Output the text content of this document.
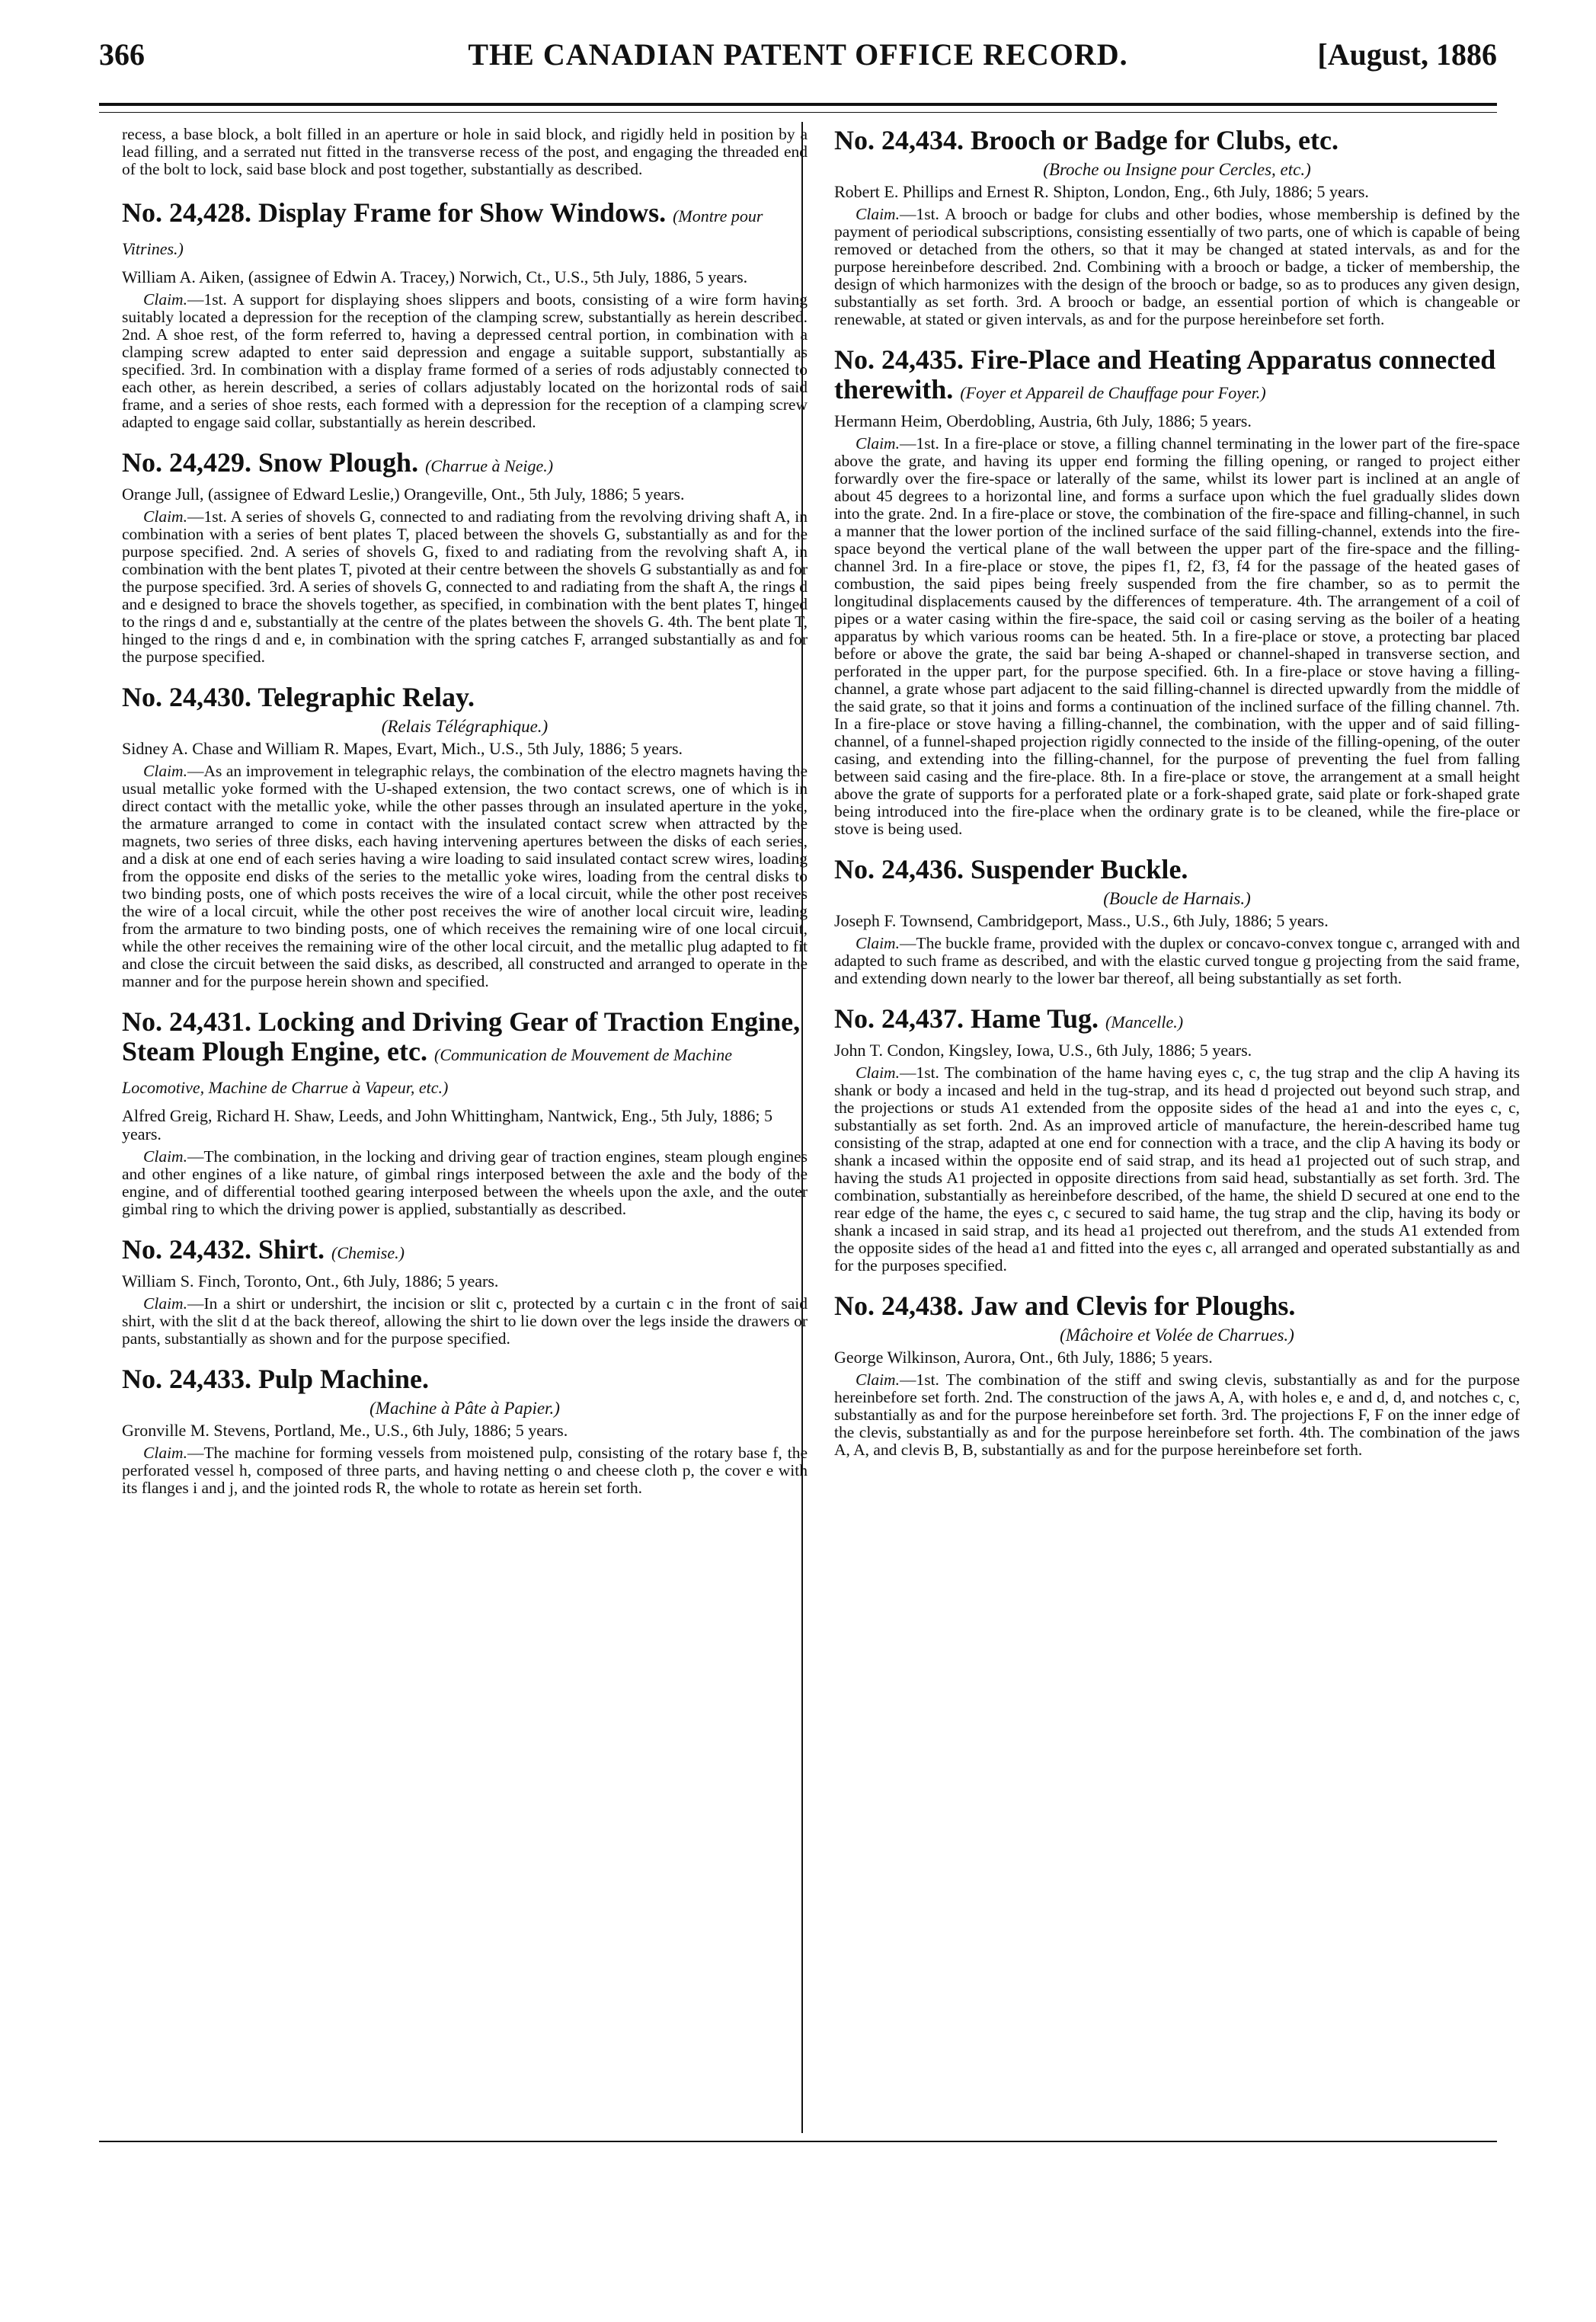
366	THE CANADIAN PATENT OFFICE RECORD.	[August, 1886

recess, a base block, a bolt filled in an aperture or hole in said block, and rigidly held in position by a lead filling, and a serrated nut fitted in the transverse recess of the post, and engaging the threaded end of the bolt to lock, said base block and post together, substantially as described.

No. 24,428. Display Frame for Show Windows. (Montre pour Vitrines.)

William A. Aiken, (assignee of Edwin A. Tracey,) Norwich, Ct., U.S., 5th July, 1886, 5 years.

Claim.—1st. A support for displaying shoes slippers and boots, consisting of a wire form having suitably located a depression for the reception of the clamping screw, substantially as herein described. 2nd. A shoe rest, of the form referred to, having a depressed central portion, in combination with a clamping screw adapted to enter said depression and engage a suitable support, substantially as specified. 3rd. In combination with a display frame formed of a series of rods adjustably connected to each other, as herein described, a series of collars adjustably located on the horizontal rods of said frame, and a series of shoe rests, each formed with a depression for the reception of a clamping screw adapted to engage said collar, substantially as herein described.

No. 24,429. Snow Plough. (Charrue à Neige.)

Orange Jull, (assignee of Edward Leslie,) Orangeville, Ont., 5th July, 1886; 5 years.

Claim.—1st. A series of shovels G, connected to and radiating from the revolving driving shaft A, in combination with a series of bent plates T, placed between the shovels G, substantially as and for the purpose specified. 2nd. A series of shovels G, fixed to and radiating from the revolving shaft A, in combination with the bent plates T, pivoted at their centre between the shovels G substantially as and for the purpose specified. 3rd. A series of shovels G, connected to and radiating from the shaft A, the rings d and e designed to brace the shovels together, as specified, in combination with the bent plates T, hinged to the rings d and e, substantially at the centre of the plates between the shovels G. 4th. The bent plate T, hinged to the rings d and e, in combination with the spring catches F, arranged substantially as and for the purpose specified.

No. 24,430. Telegraphic Relay.
(Relais Télégraphique.)

Sidney A. Chase and William R. Mapes, Evart, Mich., U.S., 5th July, 1886; 5 years.

Claim.—As an improvement in telegraphic relays, the combination of the electro magnets having the usual metallic yoke formed with the U-shaped extension, the two contact screws, one of which is in direct contact with the metallic yoke, while the other passes through an insulated aperture in the yoke, the armature arranged to come in contact with the insulated contact screw when attracted by the magnets, two series of three disks, each having intervening apertures between the disks of each series, and a disk at one end of each series having a wire loading to said insulated contact screw wires, loading from the opposite end disks of the series to the metallic yoke wires, loading from the central disks to two binding posts, one of which posts receives the wire of a local circuit, while the other post receives the wire of a local circuit, while the other post receives the wire of another local circuit wire, leading from the armature to two binding posts, one of which receives the remaining wire of one local circuit, while the other receives the remaining wire of the other local circuit, and the metallic plug adapted to fit and close the circuit between the said disks, as described, all constructed and arranged to operate in the manner and for the purpose herein shown and specified.

No. 24,431. Locking and Driving Gear of Traction Engine, Steam Plough Engine, etc. (Communication de Mouvement de Machine Locomotive, Machine de Charrue à Vapeur, etc.)

Alfred Greig, Richard H. Shaw, Leeds, and John Whittingham, Nantwick, Eng., 5th July, 1886; 5 years.

Claim.—The combination, in the locking and driving gear of traction engines, steam plough engines and other engines of a like nature, of gimbal rings interposed between the axle and the body of the engine, and of differential toothed gearing interposed between the wheels upon the axle, and the outer gimbal ring to which the driving power is applied, substantially as described.

No. 24,432. Shirt. (Chemise.)

William S. Finch, Toronto, Ont., 6th July, 1886; 5 years.

Claim.—In a shirt or undershirt, the incision or slit c, protected by a curtain c in the front of said shirt, with the slit d at the back thereof, allowing the shirt to lie down over the legs inside the drawers or pants, substantially as shown and for the purpose specified.

No. 24,433. Pulp Machine.
(Machine à Pâte à Papier.)

Gronville M. Stevens, Portland, Me., U.S., 6th July, 1886; 5 years.

Claim.—The machine for forming vessels from moistened pulp, consisting of the rotary base f, the perforated vessel h, composed of three parts, and having netting o and cheese cloth p, the cover e with its flanges i and j, and the jointed rods R, the whole to rotate as herein set forth.

No. 24,434. Brooch or Badge for Clubs, etc.
(Broche ou Insigne pour Cercles, etc.)

Robert E. Phillips and Ernest R. Shipton, London, Eng., 6th July, 1886; 5 years.

Claim.—1st. A brooch or badge for clubs and other bodies, whose membership is defined by the payment of periodical subscriptions, consisting essentially of two parts, one of which is capable of being removed or detached from the others, so that it may be changed at stated intervals, as and for the purpose hereinbefore described. 2nd. Combining with a brooch or badge, a ticker of membership, the design of which harmonizes with the design of the brooch or badge, so as to produces any given design, substantially as set forth. 3rd. A brooch or badge, an essential portion of which is changeable or renewable, at stated or given intervals, as and for the purpose hereinbefore set forth.

No. 24,435. Fire-Place and Heating Apparatus connected therewith. (Foyer et Appareil de Chauffage pour Foyer.)

Hermann Heim, Oberdobling, Austria, 6th July, 1886; 5 years.

Claim.—1st. In a fire-place or stove, a filling channel terminating in the lower part of the fire-space above the grate, and having its upper end forming the filling opening, or ranged to project either forwardly over the fire-space or laterally of the same, whilst its lower part is inclined at an angle of about 45 degrees to a horizontal line, and forms a surface upon which the fuel gradually slides down into the grate. 2nd. In a fire-place or stove, the combination of the fire-space and filling-channel, in such a manner that the lower portion of the inclined surface of the said filling-channel, extends into the fire-space beyond the vertical plane of the wall between the upper part of the fire-space and the filling-channel 3rd. In a fire-place or stove, the pipes f1, f2, f3, f4 for the passage of the heated gases of combustion, the said pipes being freely suspended from the fire chamber, so as to permit the longitudinal displacements caused by the differences of temperature. 4th. The arrangement of a coil of pipes or a water casing within the fire-space, the said coil or casing serving as the boiler of a heating apparatus by which various rooms can be heated. 5th. In a fire-place or stove, a protecting bar placed before or above the grate, the said bar being A-shaped or channel-shaped in transverse section, and perforated in the upper part, for the purpose specified. 6th. In a fire-place or stove having a filling-channel, a grate whose part adjacent to the said filling-channel is directed upwardly from the middle of the said grate, so that it joins and forms a continuation of the inclined surface of the filling channel. 7th. In a fire-place or stove having a filling-channel, the combination, with the upper and of said filling-channel, of a funnel-shaped projection rigidly connected to the inside of the filling-opening, of the outer casing, and extending into the filling-channel, for the purpose of preventing the fuel from falling between said casing and the fire-place. 8th. In a fire-place or stove, the arrangement at a small height above the grate of supports for a perforated plate or a fork-shaped grate, said plate or fork-shaped grate being introduced into the fire-place when the ordinary grate is to be cleaned, while the fire-place or stove is being used.

No. 24,436. Suspender Buckle.
(Boucle de Harnais.)

Joseph F. Townsend, Cambridgeport, Mass., U.S., 6th July, 1886; 5 years.

Claim.—The buckle frame, provided with the duplex or concavo-convex tongue c, arranged with and adapted to such frame as described, and with the elastic curved tongue g projecting from the said frame, and extending down nearly to the lower bar thereof, all being substantially as set forth.

No. 24,437. Hame Tug. (Mancelle.)

John T. Condon, Kingsley, Iowa, U.S., 6th July, 1886; 5 years.

Claim.—1st. The combination of the hame having eyes c, c, the tug strap and the clip A having its shank or body a incased and held in the tug-strap, and its head d projected out beyond such strap, and the projections or studs A1 extended from the opposite sides of the head a1 and into the eyes c, c, substantially as set forth. 2nd. As an improved article of manufacture, the herein-described hame tug consisting of the strap, adapted at one end for connection with a trace, and the clip A having its body or shank a incased within the opposite end of said strap, and its head a1 projected out of such strap, and having the studs A1 projected in opposite directions from said head, substantially as set forth. 3rd. The combination, substantially as hereinbefore described, of the hame, the shield D secured at one end to the rear edge of the hame, the eyes c, c secured to said hame, the tug strap and the clip, having its body or shank a incased in said strap, and its head a1 projected out therefrom, and the studs A1 extended from the opposite sides of the head a1 and fitted into the eyes c, all arranged and operated substantially as and for the purposes specified.

No. 24,438. Jaw and Clevis for Ploughs.
(Mâchoire et Volée de Charrues.)

George Wilkinson, Aurora, Ont., 6th July, 1886; 5 years.

Claim.—1st. The combination of the stiff and swing clevis, substantially as and for the purpose hereinbefore set forth. 2nd. The construction of the jaws A, A, with holes e, e and d, d, and notches c, c, substantially as and for the purpose hereinbefore set forth. 3rd. The projections F, F on the inner edge of the clevis, substantially as and for the purpose hereinbefore set forth. 4th. The combination of the jaws A, A, and clevis B, B, substantially as and for the purpose hereinbefore set forth.
